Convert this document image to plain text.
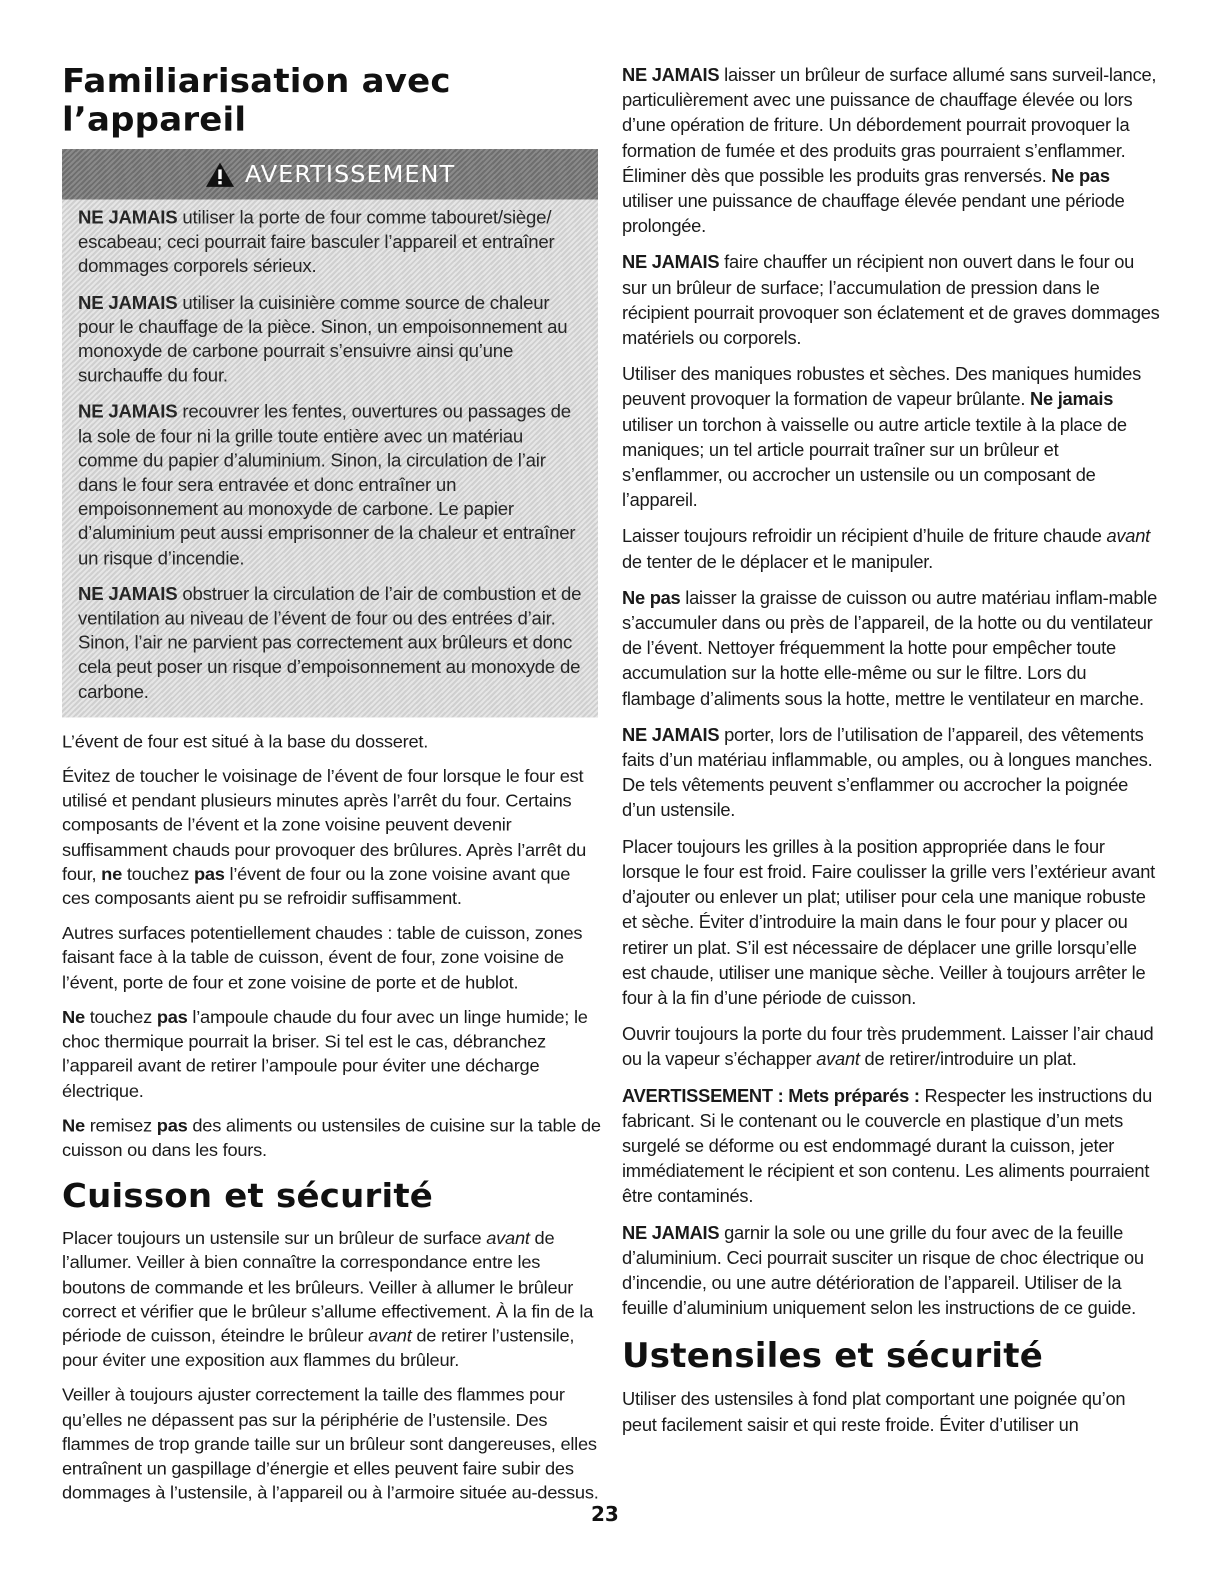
Familiarisation avec l’appareil
AVERTISSEMENT

NE JAMAIS utiliser la porte de four comme tabouret/siège/ escabeau; ceci pourrait faire basculer l’appareil et entraîner dommages corporels sérieux.

NE JAMAIS utiliser la cuisinière comme source de chaleur pour le chauffage de la pièce. Sinon, un empoisonnement au monoxyde de carbone pourrait s’ensuivre ainsi qu’une surchauffe du four.

NE JAMAIS recouvrer les fentes, ouvertures ou passages de la sole de four ni la grille toute entière avec un matériau comme du papier d’aluminium. Sinon, la circulation de l’air dans le four sera entravée et donc entraîner un empoisonnement au monoxyde de carbone. Le papier d’aluminium peut aussi emprisonner de la chaleur et entraîner un risque d’incendie.

NE JAMAIS obstruer la circulation de l’air de combustion et de ventilation au niveau de l’évent de four ou des entrées d’air. Sinon, l’air ne parvient pas correctement aux brûleurs et donc cela peut poser un risque d’empoisonnement au monoxyde de carbone.

L’évent de four est situé à la base du dosseret.

Évitez de toucher le voisinage de l’évent de four lorsque le four est utilisé et pendant plusieurs minutes après l’arrêt du four. Certains composants de l’évent et la zone voisine peuvent devenir suffisamment chauds pour provoquer des brûlures. Après l’arrêt du four, ne touchez pas l’évent de four ou la zone voisine avant que ces composants aient pu se refroidir suffisamment.

Autres surfaces potentiellement chaudes : table de cuisson, zones faisant face à la table de cuisson, évent de four, zone voisine de l’évent, porte de four et zone voisine de porte et de hublot.

Ne touchez pas l’ampoule chaude du four avec un linge humide; le choc thermique pourrait la briser. Si tel est le cas, débranchez l’appareil avant de retirer l’ampoule pour éviter une décharge électrique.

Ne remisez pas des aliments ou ustensiles de cuisine sur la table de cuisson ou dans les fours.

Cuisson et sécurité

Placer toujours un ustensile sur un brûleur de surface avant de l’allumer. Veiller à bien connaître la correspondance entre les boutons de commande et les brûleurs. Veiller à allumer le brûleur correct et vérifier que le brûleur s’allume effectivement. À la fin de la période de cuisson, éteindre le brûleur avant de retirer l’ustensile, pour éviter une exposition aux flammes du brûleur.

Veiller à toujours ajuster correctement la taille des flammes pour qu’elles ne dépassent pas sur la périphérie de l’ustensile. Des flammes de trop grande taille sur un brûleur sont dangereuses, elles entraînent un gaspillage d’énergie et elles peuvent faire subir des dommages à l’ustensile, à l’appareil ou à l’armoire située au-dessus.

NE JAMAIS laisser un brûleur de surface allumé sans surveil-lance, particulièrement avec une puissance de chauffage élevée ou lors d’une opération de friture. Un débordement pourrait provoquer la formation de fumée et des produits gras pourraient s’enflammer. Éliminer dès que possible les produits gras renversés. Ne pas utiliser une puissance de chauffage élevée pendant une période prolongée.

NE JAMAIS faire chauffer un récipient non ouvert dans le four ou sur un brûleur de surface; l’accumulation de pression dans le récipient pourrait provoquer son éclatement et de graves dommages matériels ou corporels.

Utiliser des maniques robustes et sèches. Des maniques humides peuvent provoquer la formation de vapeur brûlante. Ne jamais utiliser un torchon à vaisselle ou autre article textile à la place de maniques; un tel article pourrait traîner sur un brûleur et s’enflammer, ou accrocher un ustensile ou un composant de l’appareil.

Laisser toujours refroidir un récipient d’huile de friture chaude avant de tenter de le déplacer et le manipuler.

Ne pas laisser la graisse de cuisson ou autre matériau inflam-mable s’accumuler dans ou près de l’appareil, de la hotte ou du ventilateur de l’évent. Nettoyer fréquemment la hotte pour empêcher toute accumulation sur la hotte elle-même ou sur le filtre. Lors du flambage d’aliments sous la hotte, mettre le ventilateur en marche.

NE JAMAIS porter, lors de l’utilisation de l’appareil, des vêtements faits d’un matériau inflammable, ou amples, ou à longues manches. De tels vêtements peuvent s’enflammer ou accrocher la poignée d’un ustensile.

Placer toujours les grilles à la position appropriée dans le four lorsque le four est froid. Faire coulisser la grille vers l’extérieur avant d’ajouter ou enlever un plat; utiliser pour cela une manique robuste et sèche. Éviter d’introduire la main dans le four pour y placer ou retirer un plat. S’il est nécessaire de déplacer une grille lorsqu’elle est chaude, utiliser une manique sèche. Veiller à toujours arrêter le four à la fin d’une période de cuisson.

Ouvrir toujours la porte du four très prudemment. Laisser l’air chaud ou la vapeur s’échapper avant de retirer/introduire un plat.

AVERTISSEMENT : Mets préparés : Respecter les instructions du fabricant. Si le contenant ou le couvercle en plastique d’un mets surgelé se déforme ou est endommagé durant la cuisson, jeter immédiatement le récipient et son contenu. Les aliments pourraient être contaminés.

NE JAMAIS garnir la sole ou une grille du four avec de la feuille d’aluminium. Ceci pourrait susciter un risque de choc électrique ou d’incendie, ou une autre détérioration de l’appareil. Utiliser de la feuille d’aluminium uniquement selon les instructions de ce guide.

Ustensiles et sécurité

Utiliser des ustensiles à fond plat comportant une poignée qu’on peut facilement saisir et qui reste froide. Éviter d’utiliser un

23
